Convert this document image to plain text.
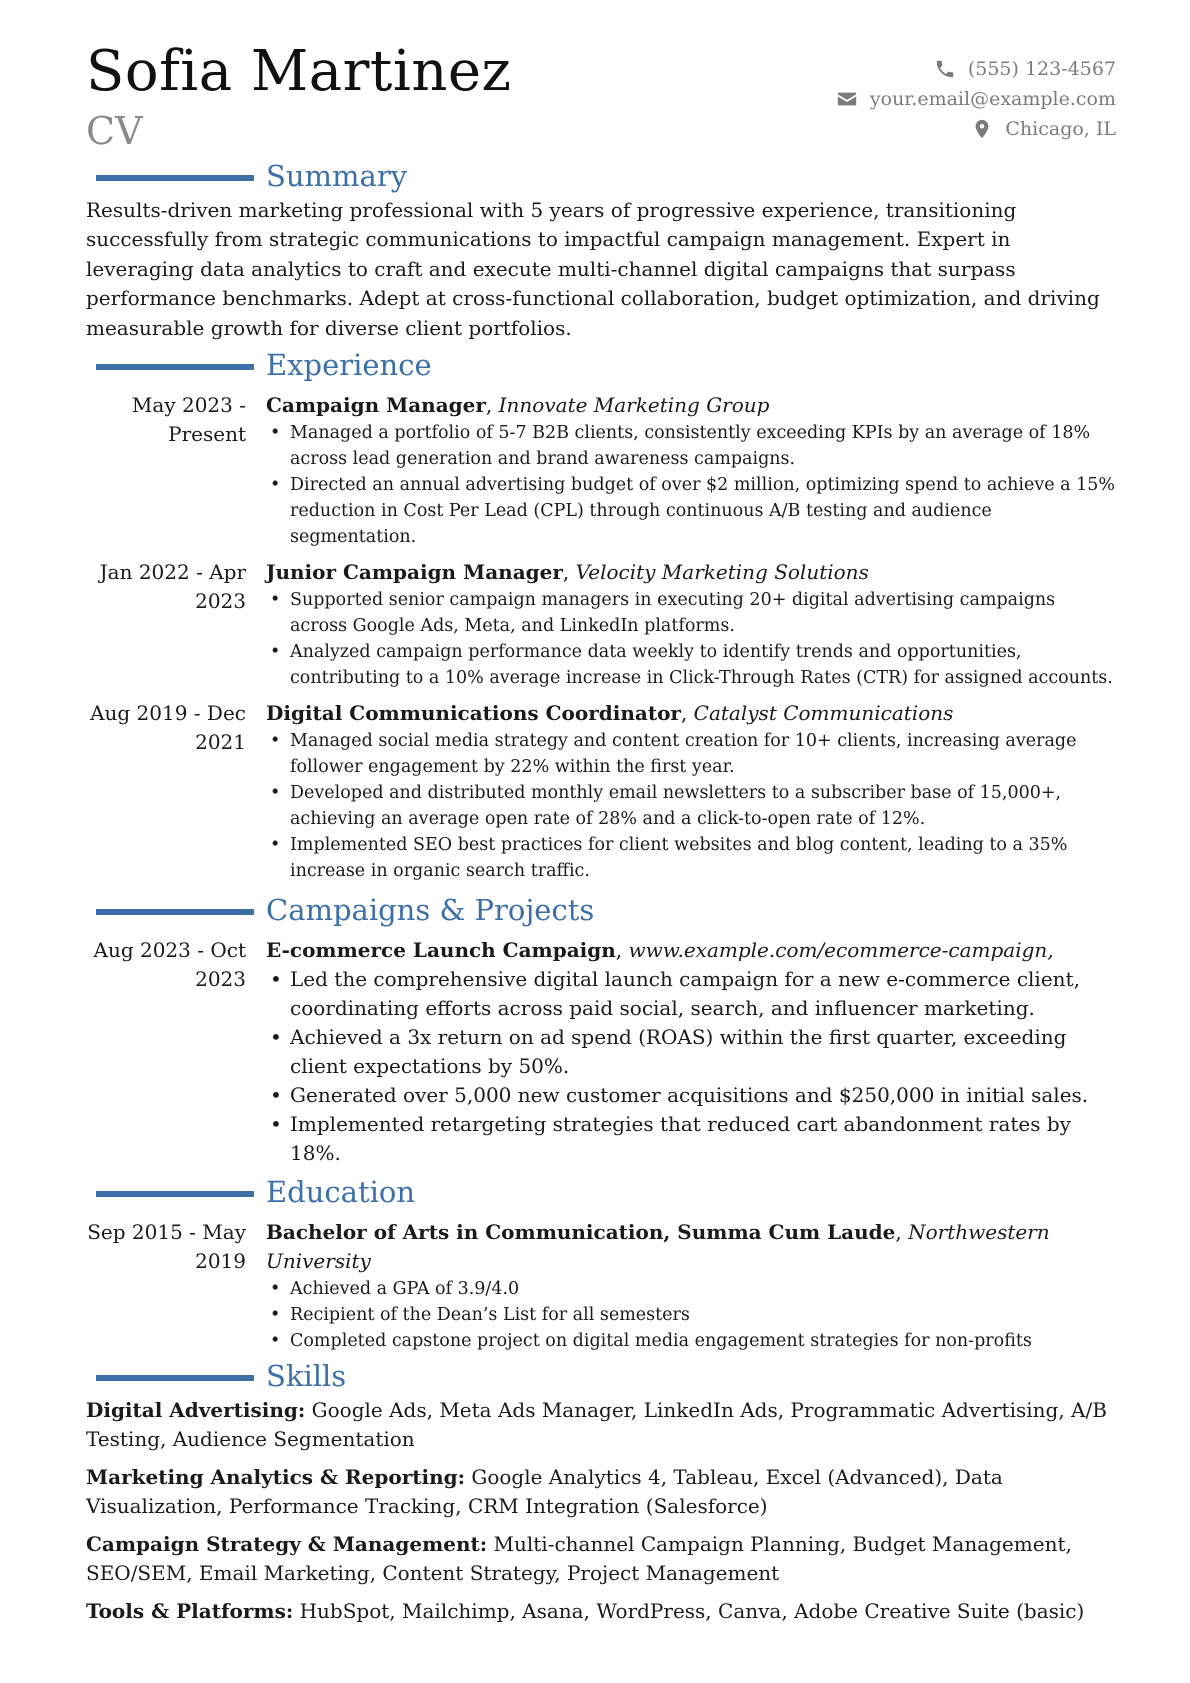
Sofia Martinez
CV
(555) 123-4567
your.email@example.com
Chicago, IL
Summary

Results-driven marketing professional with 5 years of progressive experience, transitioning successfully from strategic communications to impactful campaign management. Expert in leveraging data analytics to craft and execute multi-channel digital campaigns that surpass performance benchmarks. Adept at cross-functional collaboration, budget optimization, and driving measurable growth for diverse client portfolios.

Experience
May 2023 - Present
Campaign Manager, Innovate Marketing Group
• Managed a portfolio of 5-7 B2B clients, consistently exceeding KPIs by an average of 18% across lead generation and brand awareness campaigns.
• Directed an annual advertising budget of over $2 million, optimizing spend to achieve a 15% reduction in Cost Per Lead (CPL) through continuous A/B testing and audience segmentation.
Jan 2022 - Apr 2023
Junior Campaign Manager, Velocity Marketing Solutions
• Supported senior campaign managers in executing 20+ digital advertising campaigns across Google Ads, Meta, and LinkedIn platforms.
• Analyzed campaign performance data weekly to identify trends and opportunities, contributing to a 10% average increase in Click-Through Rates (CTR) for assigned accounts.
Aug 2019 - Dec 2021
Digital Communications Coordinator, Catalyst Communications
• Managed social media strategy and content creation for 10+ clients, increasing average follower engagement by 22% within the first year.
• Developed and distributed monthly email newsletters to a subscriber base of 15,000+, achieving an average open rate of 28% and a click-to-open rate of 12%.
• Implemented SEO best practices for client websites and blog content, leading to a 35% increase in organic search traffic.
Campaigns & Projects
Aug 2023 - Oct 2023
E-commerce Launch Campaign, www.example.com/ecommerce-campaign,
• Led the comprehensive digital launch campaign for a new e-commerce client, coordinating efforts across paid social, search, and influencer marketing.
• Achieved a 3x return on ad spend (ROAS) within the first quarter, exceeding client expectations by 50%.
• Generated over 5,000 new customer acquisitions and $250,000 in initial sales.
• Implemented retargeting strategies that reduced cart abandonment rates by 18%.
Education
Sep 2015 - May 2019
Bachelor of Arts in Communication, Summa Cum Laude, Northwestern University
• Achieved a GPA of 3.9/4.0
• Recipient of the Dean’s List for all semesters
• Completed capstone project on digital media engagement strategies for non-profits
Skills
Digital Advertising: Google Ads, Meta Ads Manager, LinkedIn Ads, Programmatic Advertising, A/B Testing, Audience Segmentation
Marketing Analytics & Reporting: Google Analytics 4, Tableau, Excel (Advanced), Data Visualization, Performance Tracking, CRM Integration (Salesforce)
Campaign Strategy & Management: Multi-channel Campaign Planning, Budget Management, SEO/SEM, Email Marketing, Content Strategy, Project Management
Tools & Platforms: HubSpot, Mailchimp, Asana, WordPress, Canva, Adobe Creative Suite (basic)
